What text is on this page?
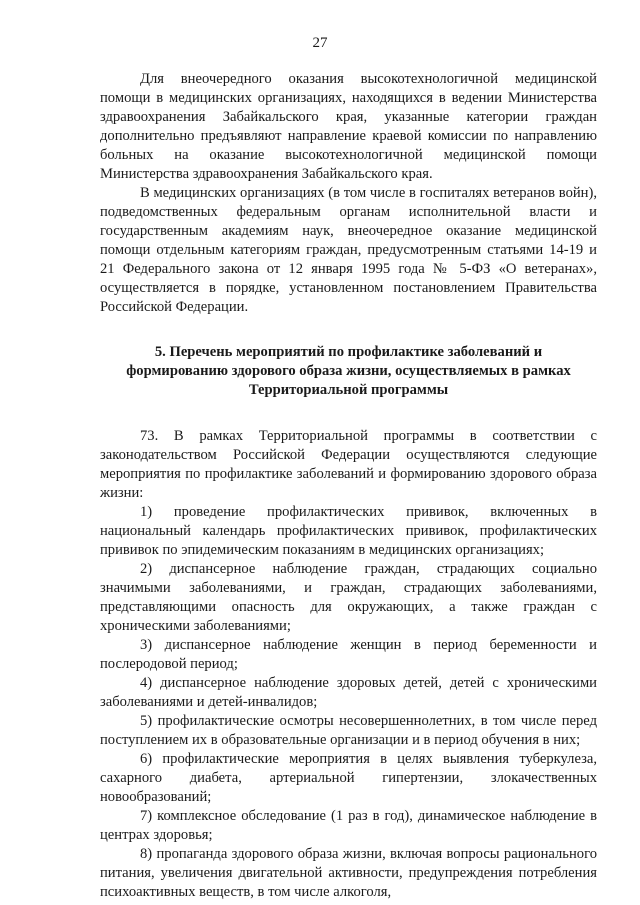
27

Для внеочередного оказания высокотехнологичной медицинской помощи в медицинских организациях, находящихся в ведении Министерства здравоохранения Забайкальского края, указанные категории граждан дополнительно предъявляют направление краевой комиссии по направлению больных на оказание высокотехнологичной медицинской помощи Министерства здравоохранения Забайкальского края.

В медицинских организациях (в том числе в госпиталях ветеранов войн), подведомственных федеральным органам исполнительной власти и государственным академиям наук, внеочередное оказание медицинской помощи отдельным категориям граждан, предусмотренным статьями 14-19 и 21 Федерального закона от 12 января 1995 года № 5-ФЗ «О ветеранах», осуществляется в порядке, установленном постановлением Правительства Российской Федерации.

5. Перечень мероприятий по профилактике заболеваний и формированию здорового образа жизни, осуществляемых в рамках Территориальной программы

73. В рамках Территориальной программы в соответствии с законодательством Российской Федерации осуществляются следующие мероприятия по профилактике заболеваний и формированию здорового образа жизни:

1) проведение профилактических прививок, включенных в национальный календарь профилактических прививок, профилактических прививок по эпидемическим показаниям в медицинских организациях;

2) диспансерное наблюдение граждан, страдающих социально значимыми заболеваниями, и граждан, страдающих заболеваниями, представляющими опасность для окружающих, а также граждан с хроническими заболеваниями;

3) диспансерное наблюдение женщин в период беременности и послеродовой период;

4) диспансерное наблюдение здоровых детей, детей с хроническими заболеваниями и детей-инвалидов;

5) профилактические осмотры несовершеннолетних, в том числе перед поступлением их в образовательные организации и в период обучения в них;

6) профилактические мероприятия в целях выявления туберкулеза, сахарного диабета, артериальной гипертензии, злокачественных новообразований;

7) комплексное обследование (1 раз в год), динамическое наблюдение в центрах здоровья;

8) пропаганда здорового образа жизни, включая вопросы рационального питания, увеличения двигательной активности, предупреждения потребления психоактивных веществ, в том числе алкоголя,
